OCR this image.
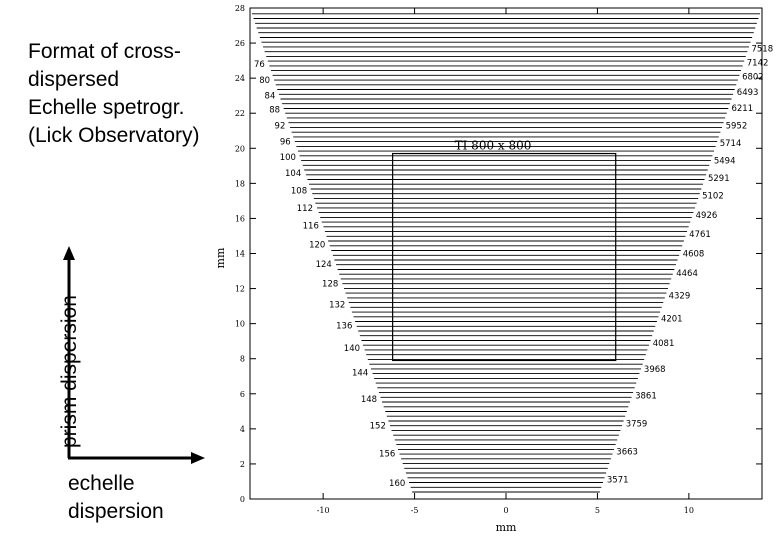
Format of cross-
dispersed
Echelle spetrogr.
(Lick Observatory)
prism dispersion
echelle
dispersion
0
2
4
6
8
10
12
14
16
18
20
22
24
26
28
-10	-5	0	5	10
mm
mm
TI 800 x 800
76
80
84
88
92
96
100
104
108
112
116
120
124
128
132
136
140
144
148
152
156
160
7518
7142
6802
6493
6211
5952
5714
5494
5291
5102
4926
4761
4608
4464
4329
4201
4081
3968
3861
3759
3663
3571
